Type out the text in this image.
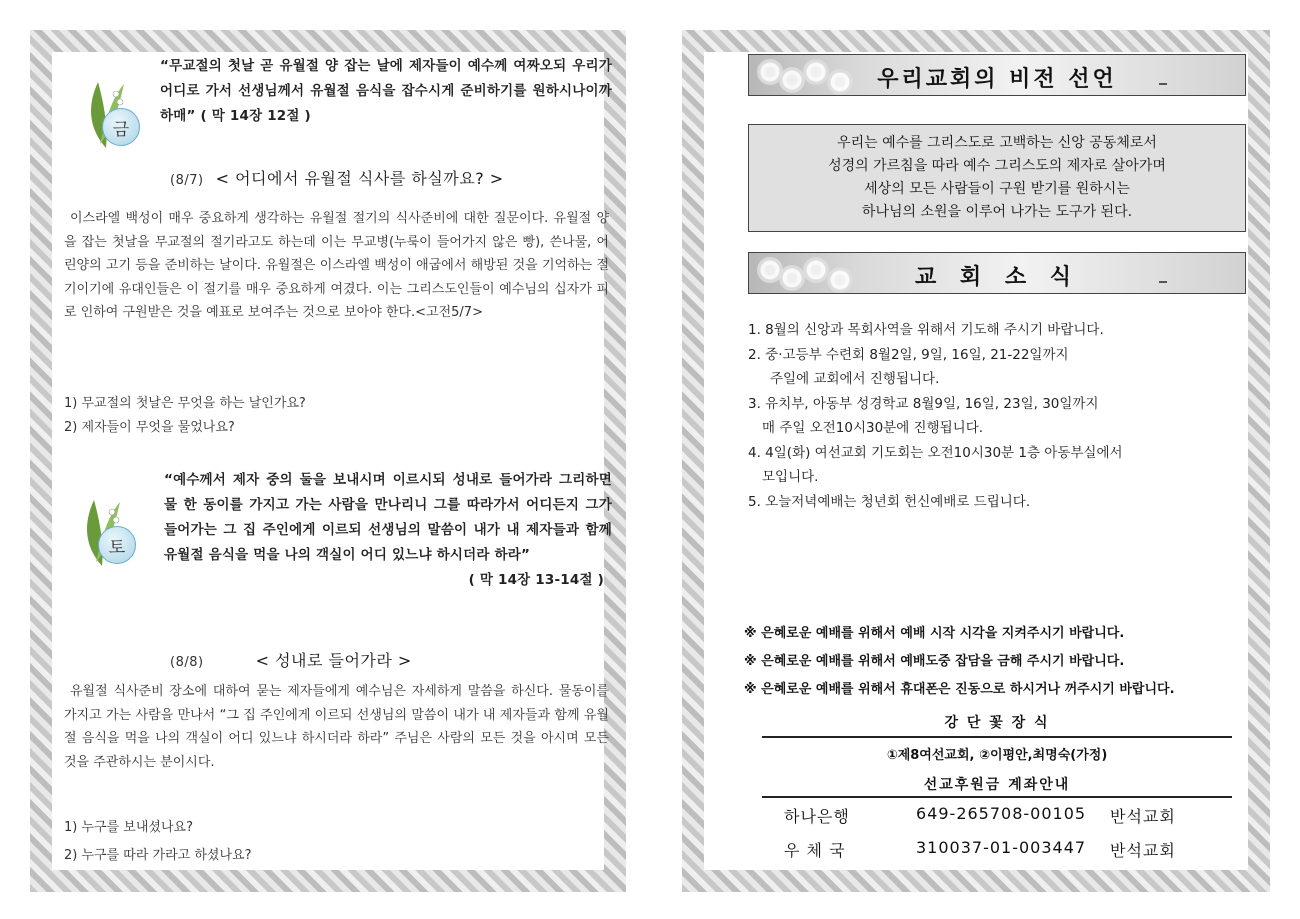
금
“무교절의 첫날 곧 유월절 양 잡는 날에 제자들이 예수께 여짜오되 우리가 어디로 가서 선생님께서 유월절 음식을 잡수시게 준비하기를 원하시나이까 하매” ( 막 14장 12절 )
(8/7) < 어디에서 유월절 식사를 하실까요? >
이스라엘 백성이 매우 중요하게 생각하는 유월절 절기의 식사준비에 대한 질문이다. 유월절 양을 잡는 첫날을 무교절의 절기라고도 하는데 이는 무교병(누룩이 들어가지 않은 빵), 쓴나물, 어린양의 고기 등을 준비하는 날이다. 유월절은 이스라엘 백성이 애굽에서 해방된 것을 기억하는 절기이기에 유대인들은 이 절기를 매우 중요하게 여겼다. 이는 그리스도인들이 예수님의 십자가 피로 인하여 구원받은 것을 예표로 보여주는 것으로 보아야 한다.<고전5/7>
1) 무교절의 첫날은 무엇을 하는 날인가요?
2) 제자들이 무엇을 물었나요?
토
“예수께서 제자 중의 둘을 보내시며 이르시되 성내로 들어가라 그리하면 물 한 동이를 가지고 가는 사람을 만나리니 그를 따라가서 어디든지 그가 들어가는 그 집 주인에게 이르되 선생님의 말씀이 내가 내 제자들과 함께 유월절 음식을 먹을 나의 객실이 어디 있느냐 하시더라 하라”
( 막 14장 13-14절 )
(8/8)	< 성내로 들어가라 >
유월절 식사준비 장소에 대하여 묻는 제자들에게 예수님은 자세하게 말씀을 하신다. 물동이를 가지고 가는 사람을 만나서 “그 집 주인에게 이르되 선생님의 말씀이 내가 내 제자들과 함께 유월절 음식을 먹을 나의 객실이 어디 있느냐 하시더라 하라” 주님은 사람의 모든 것을 아시며 모든 것을 주관하시는 분이시다.
1) 누구를 보내셨나요?
2) 누구를 따라 가라고 하셨나요?
우리교회의 비전 선언
우리는 예수를 그리스도로 고백하는 신앙 공동체로서
성경의 가르침을 따라 예수 그리스도의 제자로 살아가며
세상의 모든 사람들이 구원 받기를 원하시는
하나님의 소원을 이루어 나가는 도구가 된다.
교 회 소 식
1. 8월의 신앙과 목회사역을 위해서 기도해 주시기 바랍니다.
2. 중·고등부 수련회 8월2일, 9일, 16일, 21-22일까지
주일에 교회에서 진행됩니다.
3. 유치부, 아동부 성경학교 8월9일, 16일, 23일, 30일까지
매 주일 오전10시30분에 진행됩니다.
4. 4일(화) 여선교회 기도회는 오전10시30분 1층 아동부실에서
모입니다.
5. 오늘저녁예배는 청년회 헌신예배로 드립니다.
※ 은혜로운 예배를 위해서 예배 시작 시각을 지켜주시기 바랍니다.
※ 은혜로운 예배를 위해서 예배도중 잡담을 금해 주시기 바랍니다.
※ 은혜로운 예배를 위해서 휴대폰은 진동으로 하시거나 꺼주시기 바랍니다.
강 단 꽃 장 식
①제8여선교회, ②이평안,최명숙(가정)
선교후원금 계좌안내
하나은행	649-265708-00105 반석교회
우 체 국	310037-01-003447 반석교회
